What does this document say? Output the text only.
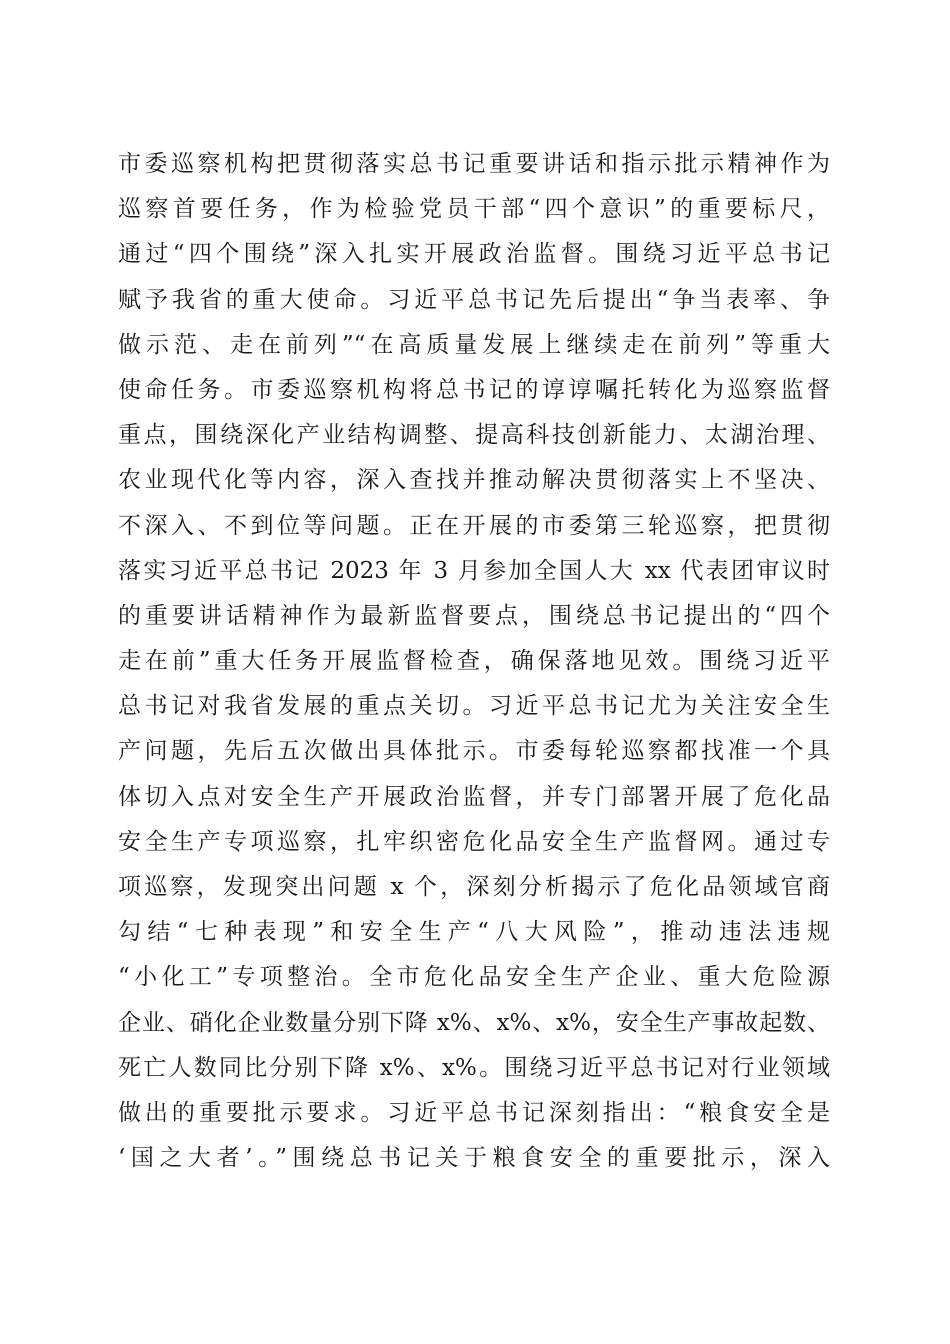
市委巡察机构把贯彻落实总书记重要讲话和指示批示精神作为
巡察首要任务，作为检验党员干部“四个意识”的重要标尺，
通过“四个围绕”深入扎实开展政治监督。围绕习近平总书记
赋予我省的重大使命。习近平总书记先后提出“争当表率、争
做示范、走在前列”“在高质量发展上继续走在前列”等重大
使命任务。市委巡察机构将总书记的谆谆嘱托转化为巡察监督
重点，围绕深化产业结构调整、提高科技创新能力、太湖治理、
农业现代化等内容，深入查找并推动解决贯彻落实上不坚决、
不深入、不到位等问题。正在开展的市委第三轮巡察，把贯彻
落实习近平总书记 2023 年 3 月参加全国人大 xx 代表团审议时
的重要讲话精神作为最新监督要点，围绕总书记提出的“四个
走在前”重大任务开展监督检查，确保落地见效。围绕习近平
总书记对我省发展的重点关切。习近平总书记尤为关注安全生
产问题，先后五次做出具体批示。市委每轮巡察都找准一个具
体切入点对安全生产开展政治监督，并专门部署开展了危化品
安全生产专项巡察，扎牢织密危化品安全生产监督网。通过专
项巡察，发现突出问题 x 个，深刻分析揭示了危化品领域官商
勾结“七种表现”和安全生产“八大风险”，推动违法违规
“小化工”专项整治。全市危化品安全生产企业、重大危险源
企业、硝化企业数量分别下降 x%、x%、x%，安全生产事故起数、
死亡人数同比分别下降 x%、x%。围绕习近平总书记对行业领域
做出的重要批示要求。习近平总书记深刻指出：“粮食安全是
‘国之大者’。”围绕总书记关于粮食安全的重要批示，深入
